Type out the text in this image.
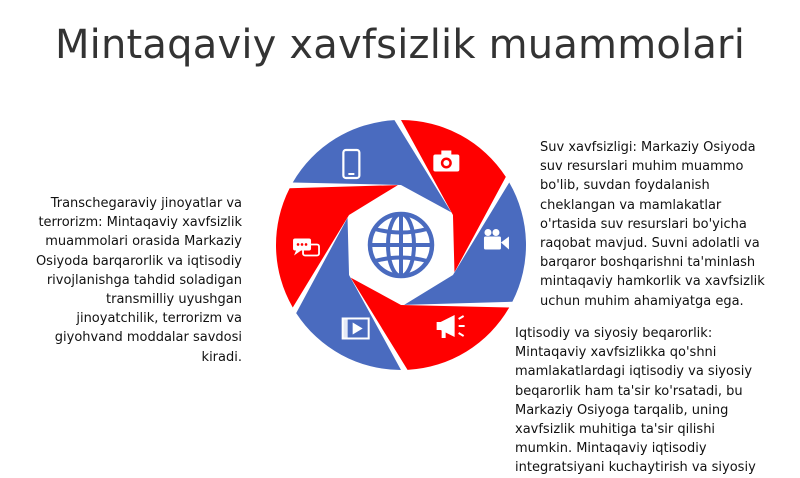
Mintaqaviy xavfsizlik muammolari
Transchegaraviy jinoyatlar va terrorizm: Mintaqaviy xavfsizlik muammolari orasida Markaziy Osiyoda barqarorlik va iqtisodiy rivojlanishga tahdid soladigan transmilliy uyushgan jinoyatchilik, terrorizm va giyohvand moddalar savdosi kiradi.
Suv xavfsizligi: Markaziy Osiyoda suv resurslari muhim muammo bo'lib, suvdan foydalanish cheklangan va mamlakatlar o'rtasida suv resurslari bo'yicha raqobat mavjud. Suvni adolatli va barqaror boshqarishni ta'minlash mintaqaviy hamkorlik va xavfsizlik uchun muhim ahamiyatga ega.
Iqtisodiy va siyosiy beqarorlik: Mintaqaviy xavfsizlikka qo'shni mamlakatlardagi iqtisodiy va siyosiy beqarorlik ham ta'sir ko'rsatadi, bu Markaziy Osiyoga tarqalib, uning xavfsizlik muhitiga ta'sir qilishi mumkin. Mintaqaviy iqtisodiy integratsiyani kuchaytirish va siyosiy
